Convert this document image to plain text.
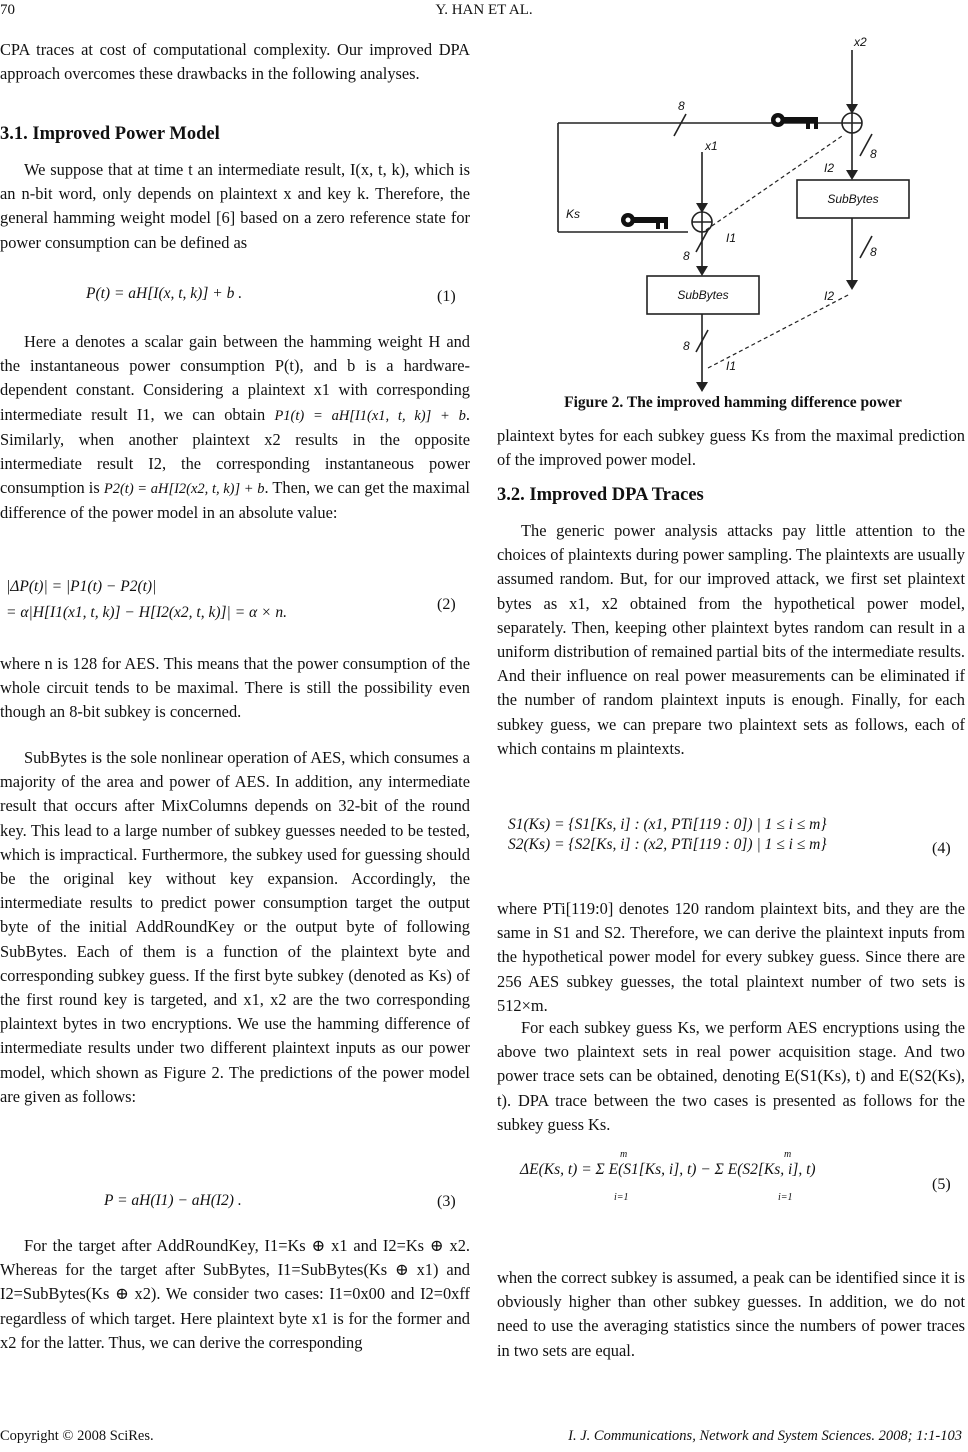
70	Y. HAN ET AL.

CPA traces at cost of computational complexity. Our improved DPA approach overcomes these drawbacks in the following analyses.

3.1. Improved Power Model

We suppose that at time t an intermediate result, I(x, t, k), which is an n-bit word, only depends on plaintext x and key k. Therefore, the general hamming weight model [6] based on a zero reference state for power consumption can be defined as

P(t) = aH[I(x, t, k)] + b .	(1)

Here a denotes a scalar gain between the hamming weight H and the instantaneous power consumption P(t), and b is a hardware-dependent constant. Considering a plaintext x1 with corresponding intermediate result I1, we can obtain P1(t) = aH[I1(x1, t, k)] + b. Similarly, when another plaintext x2 results in the opposite intermediate result I2, the corresponding instantaneous power consumption is P2(t) = aH[I2(x2, t, k)] + b. Then, we can get the maximal difference of the power model in an absolute value:

|ΔP(t)| = |P1(t) − P2(t)|
= α|H[I1(x1, t, k)] − H[I2(x2, t, k)]| = α × n.	(2)

where n is 128 for AES. This means that the power consumption of the whole circuit tends to be maximal. There is still the possibility even though an 8-bit subkey is concerned.

SubBytes is the sole nonlinear operation of AES, which consumes a majority of the area and power of AES. In addition, any intermediate result that occurs after MixColumns depends on 32-bit of the round key. This lead to a large number of subkey guesses needed to be tested, which is impractical. Furthermore, the subkey used for guessing should be the original key without key expansion. Accordingly, the intermediate results to predict power consumption target the output byte of the initial AddRoundKey or the output byte of following SubBytes. Each of them is a function of the plaintext byte and corresponding subkey guess. If the first byte subkey (denoted as Ks) of the first round key is targeted, and x1, x2 are the two corresponding plaintext bytes in two encryptions. We use the hamming difference of intermediate results under two different plaintext inputs as our power model, which shown as Figure 2. The predictions of the power model are given as follows:

P = aH(I1) − aH(I2) .	(3)

For the target after AddRoundKey, I1=Ks ⊕ x1 and I2=Ks ⊕ x2. Whereas for the target after SubBytes, I1=SubBytes(Ks ⊕ x1) and I2=SubBytes(Ks ⊕ x2). We consider two cases: I1=0x00 and I2=0xff regardless of which target. Here plaintext byte x1 is for the former and x2 for the latter. Thus, we can derive the corresponding

x2
x1
Ks
8
8
8
8
8
I2
I2
I1
I1
SubBytes
SubBytes
Figure 2. The improved hamming difference power

plaintext bytes for each subkey guess Ks from the maximal prediction of the improved power model.

3.2. Improved DPA Traces

The generic power analysis attacks pay little attention to the choices of plaintexts during power sampling. The plaintexts are usually assumed random. But, for our improved attack, we first set plaintext bytes as x1, x2 obtained from the hypothetical power model, separately. Then, keeping other plaintext bytes random can result in a uniform distribution of remained partial bits of the intermediate results. And their influence on real power measurements can be eliminated if the number of random plaintext inputs is enough. Finally, for each subkey guess, we can prepare two plaintext sets as follows, each of which contains m plaintexts.

S1(Ks) = {S1[Ks, i] : (x1, PTi[119 : 0]) | 1 ≤ i ≤ m}
S2(Ks) = {S2[Ks, i] : (x2, PTi[119 : 0]) | 1 ≤ i ≤ m}	(4)

where PTi[119:0] denotes 120 random plaintext bits, and they are the same in S1 and S2. Therefore, we can derive the plaintext inputs from the hypothetical power model for every subkey guess. Since there are 256 AES subkey guesses, the total plaintext number of two sets is 512×m.

For each subkey guess Ks, we perform AES encryptions using the above two plaintext sets in real power acquisition stage. And two power trace sets can be obtained, denoting E(S1(Ks), t) and E(S2(Ks), t). DPA trace between the two cases is presented as follows for the subkey guess Ks.

ΔE(Ks, t) = Σ E(S1[Ks, i], t) − Σ E(S2[Ks, i], t)
m
i=1
m
i=1
(5)

when the correct subkey is assumed, a peak can be identified since it is obviously higher than other subkey guesses. In addition, we do not need to use the averaging statistics since the numbers of power traces in two sets are equal.

Copyright © 2008 SciRes.	I. J. Communications, Network and System Sciences. 2008; 1:1-103
